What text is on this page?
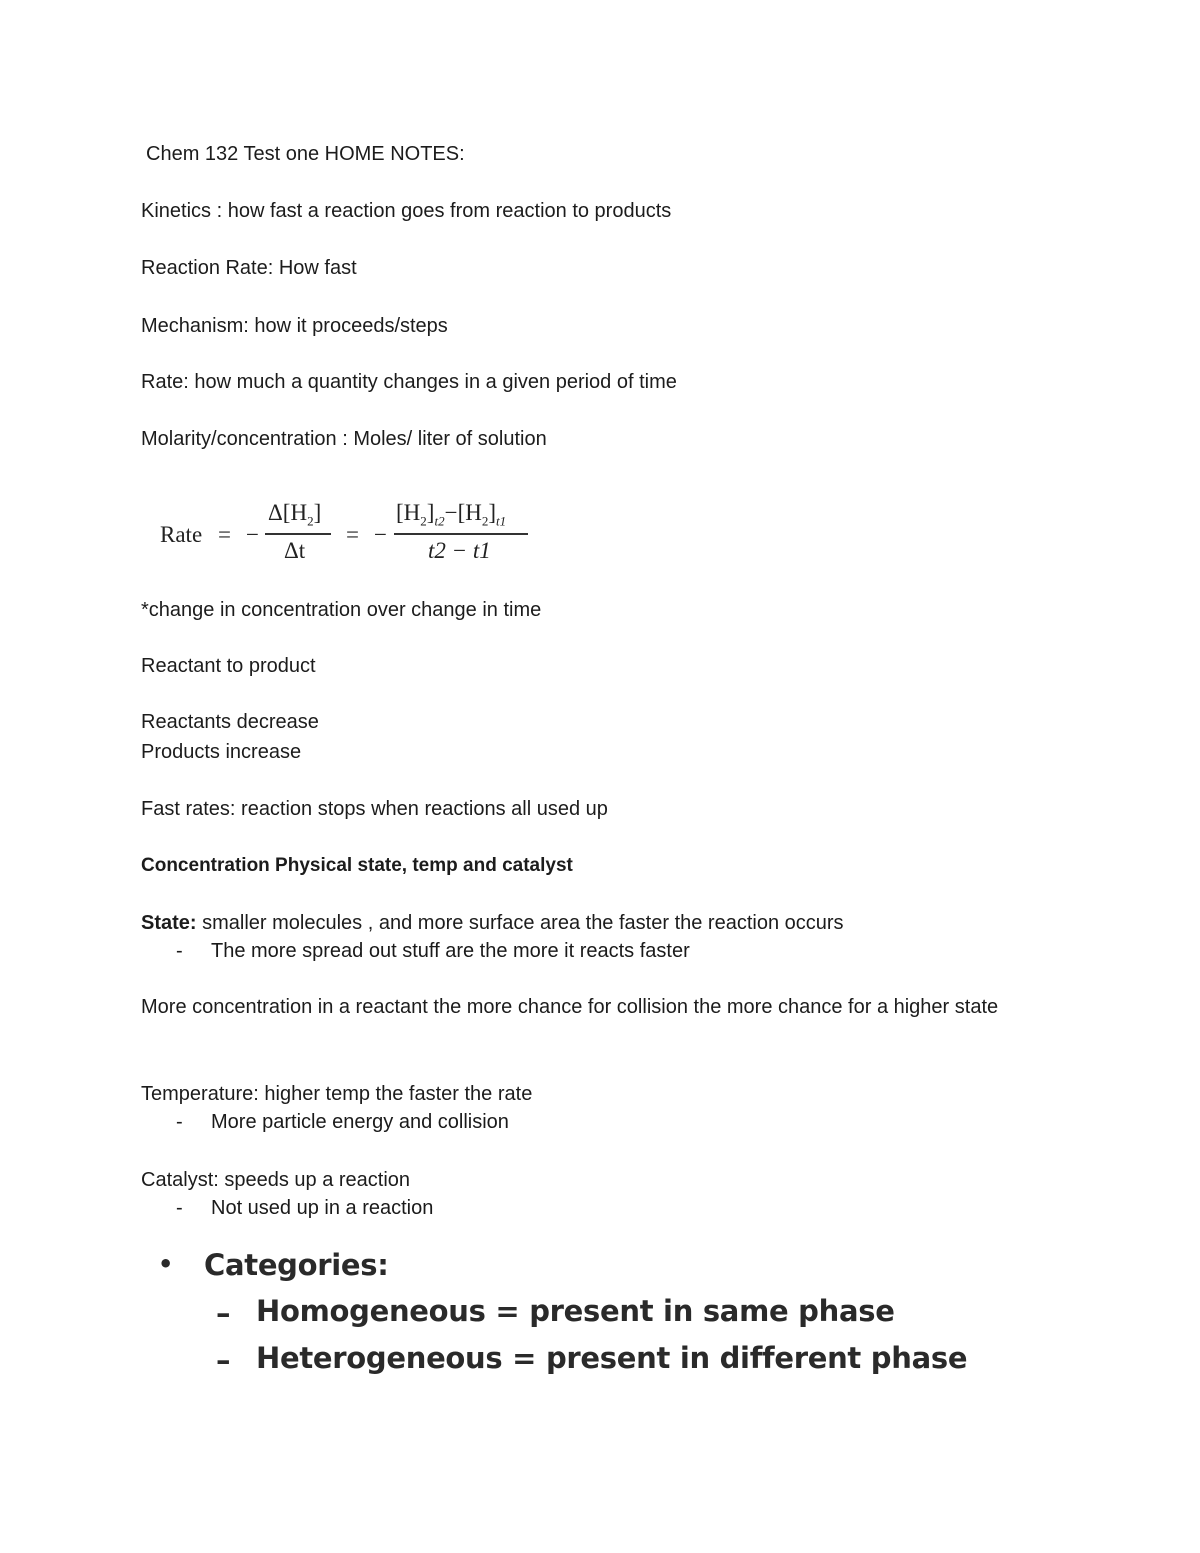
Chem 132 Test one HOME NOTES:
Kinetics : how fast a reaction goes from reaction to products
Reaction Rate: How fast
Mechanism: how it proceeds/steps
Rate: how much a quantity changes in a given period of time
Molarity/concentration : Moles/ liter of solution
Rate = −
$\Delta[H_2]$
Δt
= −
$[H_2]_{t2}-[H_2]_{t1}$
t2 − t1
*change in concentration over change in time
Reactant to product
Reactants decrease
Products increase
Fast rates: reaction stops when reactions all used up
Concentration Physical state, temp and catalyst
State: smaller molecules , and more surface area the faster the reaction occurs
- The more spread out stuff are the more it reacts faster
More concentration in a reactant the more chance for collision the more chance for a higher state
Temperature: higher temp the faster the rate
- More particle energy and collision
Catalyst: speeds up a reaction
- Not used up in a reaction
• Categories:
– Homogeneous = present in same phase
– Heterogeneous = present in different phase
